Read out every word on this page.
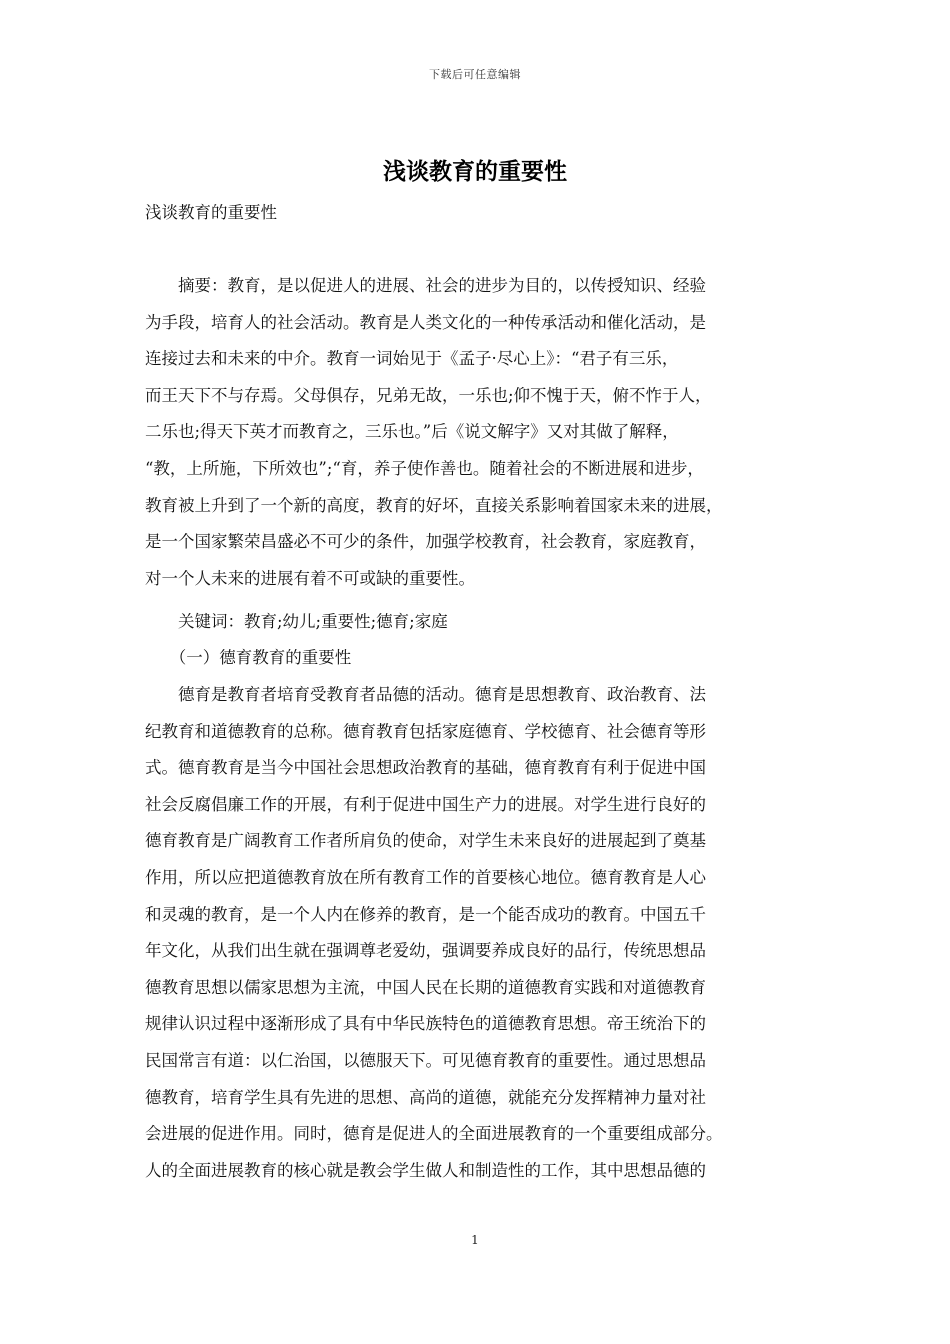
下载后可任意编辑
浅谈教育的重要性
浅谈教育的重要性
　　摘要：教育，是以促进人的进展、社会的进步为目的，以传授知识、经验
为手段，培育人的社会活动。教育是人类文化的一种传承活动和催化活动，是
连接过去和未来的中介。教育一词始见于《孟子·尽心上》：“君子有三乐，
而王天下不与存焉。父母俱存，兄弟无故，一乐也;仰不愧于天，俯不怍于人，
二乐也;得天下英才而教育之，三乐也。”后《说文解字》又对其做了解释，
“教，上所施，下所效也”;“育，养子使作善也。随着社会的不断进展和进步，
教育被上升到了一个新的高度，教育的好坏，直接关系影响着国家未来的进展，
是一个国家繁荣昌盛必不可少的条件，加强学校教育，社会教育，家庭教育，
对一个人未来的进展有着不可或缺的重要性。
　　关键词：教育;幼儿;重要性;德育;家庭
　　（一）德育教育的重要性
　　德育是教育者培育受教育者品德的活动。德育是思想教育、政治教育、法
纪教育和道德教育的总称。德育教育包括家庭德育、学校德育、社会德育等形
式。德育教育是当今中国社会思想政治教育的基础，德育教育有利于促进中国
社会反腐倡廉工作的开展，有利于促进中国生产力的进展。对学生进行良好的
德育教育是广阔教育工作者所肩负的使命，对学生未来良好的进展起到了奠基
作用，所以应把道德教育放在所有教育工作的首要核心地位。德育教育是人心
和灵魂的教育，是一个人内在修养的教育，是一个能否成功的教育。中国五千
年文化，从我们出生就在强调尊老爱幼，强调要养成良好的品行，传统思想品
德教育思想以儒家思想为主流，中国人民在长期的道德教育实践和对道德教育
规律认识过程中逐渐形成了具有中华民族特色的道德教育思想。帝王统治下的
民国常言有道：以仁治国，以德服天下。可见德育教育的重要性。通过思想品
德教育，培育学生具有先进的思想、高尚的道德，就能充分发挥精神力量对社
会进展的促进作用。同时，德育是促进人的全面进展教育的一个重要组成部分。
人的全面进展教育的核心就是教会学生做人和制造性的工作，其中思想品德的
1
